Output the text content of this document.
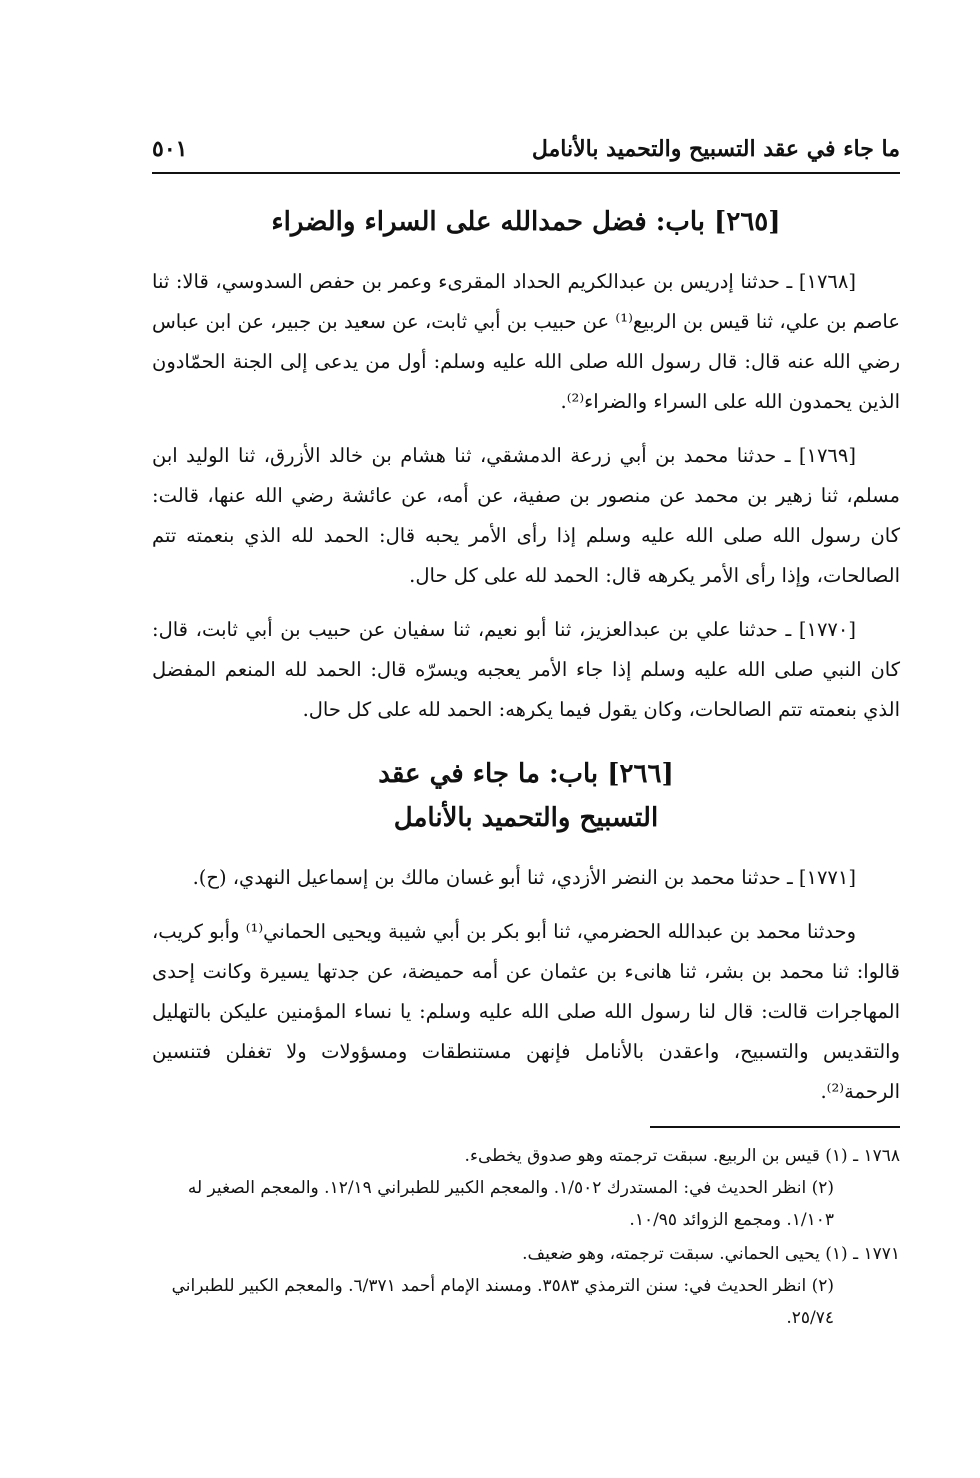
ما جاء في عقد التسبيح والتحميد بالأنامل
٥٠١
[٢٦٥] باب: فضل حمدالله على السراء والضراء

[١٧٦٨] ـ حدثنا إدريس بن عبدالكريم الحداد المقرىء وعمر بن حفص السدوسي، قالا: ثنا عاصم بن علي، ثنا قيس بن الربيع⁽¹⁾ عن حبيب بن أبي ثابت، عن سعيد بن جبير، عن ابن عباس رضي الله عنه قال: قال رسول الله صلى الله عليه وسلم: أول من يدعى إلى الجنة الحمّادون الذين يحمدون الله على السراء والضراء⁽²⁾.

[١٧٦٩] ـ حدثنا محمد بن أبي زرعة الدمشقي، ثنا هشام بن خالد الأزرق، ثنا الوليد ابن مسلم، ثنا زهير بن محمد عن منصور بن صفية، عن أمه، عن عائشة رضي الله عنها، قالت: كان رسول الله صلى الله عليه وسلم إذا رأى الأمر يحبه قال: الحمد لله الذي بنعمته تتم الصالحات، وإذا رأى الأمر يكرهه قال: الحمد لله على كل حال.

[١٧٧٠] ـ حدثنا علي بن عبدالعزيز، ثنا أبو نعيم، ثنا سفيان عن حبيب بن أبي ثابت، قال: كان النبي صلى الله عليه وسلم إذا جاء الأمر يعجبه ويسرّه قال: الحمد لله المنعم المفضل الذي بنعمته تتم الصالحات، وكان يقول فيما يكرهه: الحمد لله على كل حال.

[٢٦٦] باب: ما جاء في عقد
التسبيح والتحميد بالأنامل

[١٧٧١] ـ حدثنا محمد بن النضر الأزدي، ثنا أبو غسان مالك بن إسماعيل النهدي، (ح).

وحدثنا محمد بن عبدالله الحضرمي، ثنا أبو بكر بن أبي شيبة ويحيى الحماني⁽¹⁾ وأبو كريب، قالوا: ثنا محمد بن بشر، ثنا هانىء بن عثمان عن أمه حميضة، عن جدتها يسيرة وكانت إحدى المهاجرات قالت: قال لنا رسول الله صلى الله عليه وسلم: يا نساء المؤمنين عليكن بالتهليل والتقديس والتسبيح، واعقدن بالأنامل فإنهن مستنطقات ومسؤولات ولا تغفلن فتنسين الرحمة⁽²⁾.

١٧٦٨ ـ (١) قيس بن الربيع. سبقت ترجمته وهو صدوق يخطىء.

(٢) انظر الحديث في: المستدرك ١/٥٠٢. والمعجم الكبير للطبراني ١٢/١٩. والمعجم الصغير له ١/١٠٣. ومجمع الزوائد ١٠/٩٥.

١٧٧١ ـ (١) يحيى الحماني. سبقت ترجمته، وهو ضعيف.

(٢) انظر الحديث في: سنن الترمذي ٣٥٨٣. ومسند الإمام أحمد ٦/٣٧١. والمعجم الكبير للطبراني ٢٥/٧٤.
